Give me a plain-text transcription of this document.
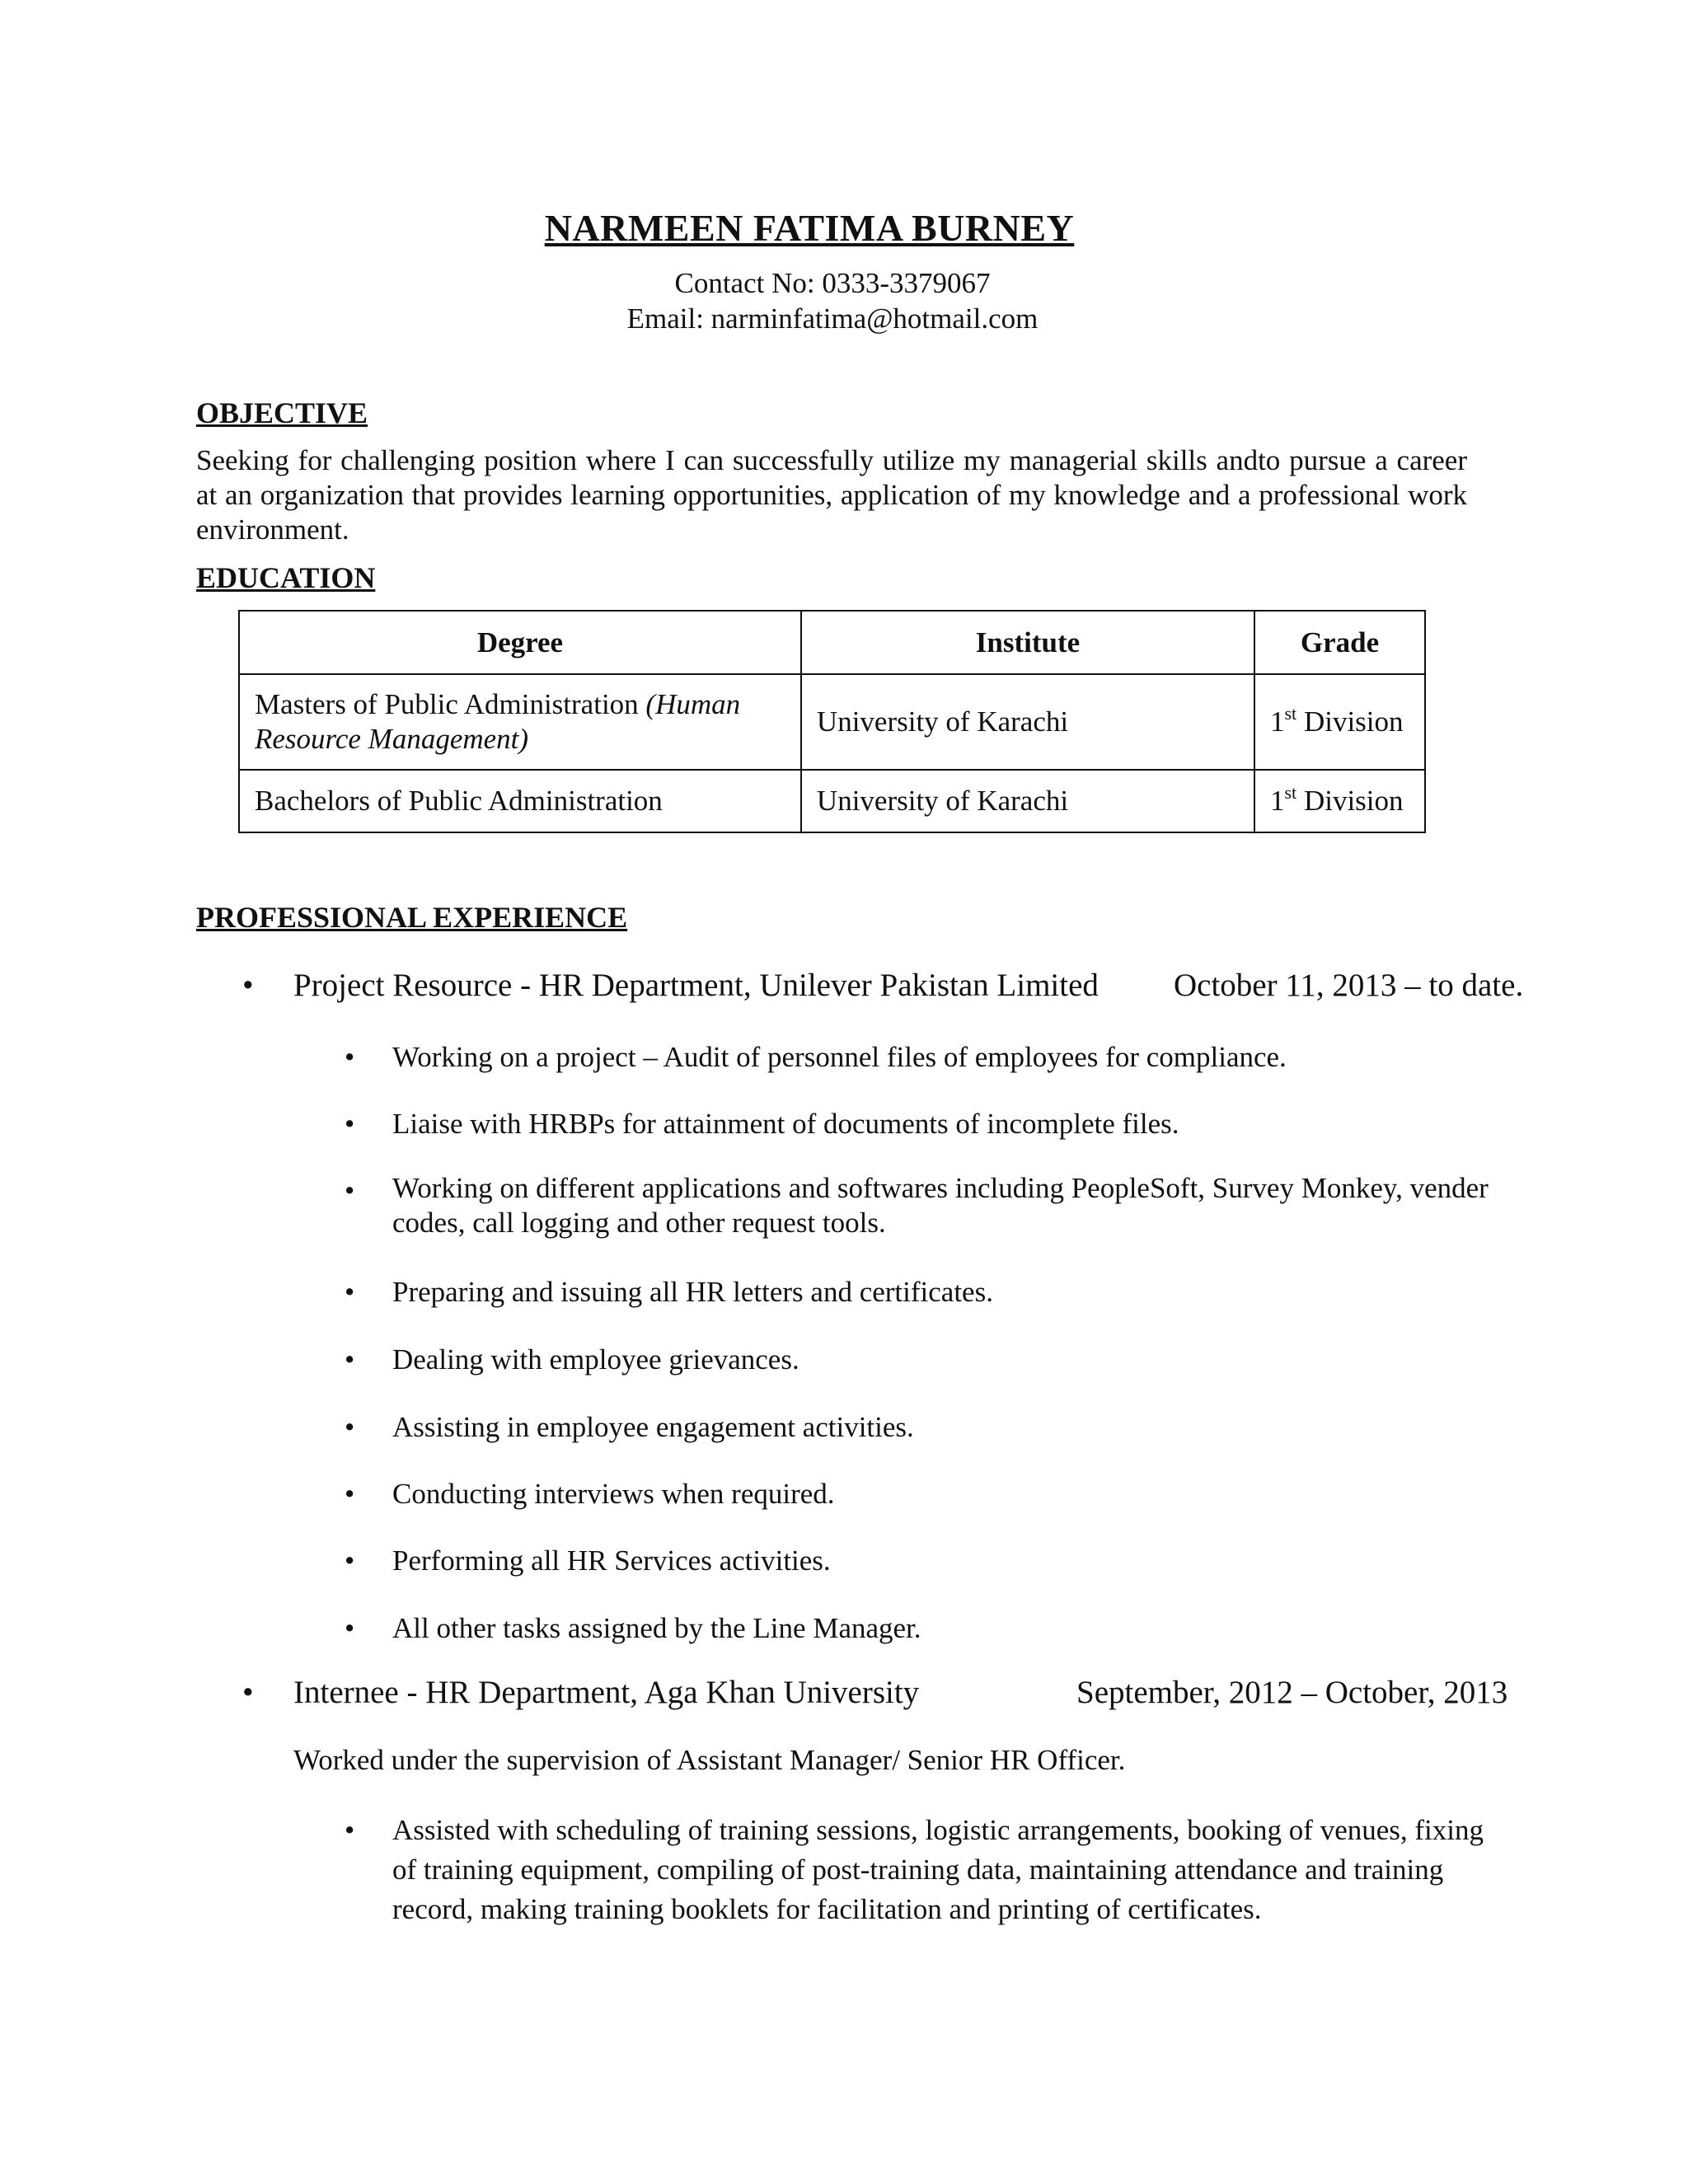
NARMEEN FATIMA BURNEY
Contact No: 0333-3379067
Email: narminfatima@hotmail.com
OBJECTIVE
Seeking for challenging position where I can successfully utilize my managerial skills andto pursue a career at an organization that provides learning opportunities, application of my knowledge and a professional work environment.
EDUCATION
Degree	Institute	Grade
Masters of Public Administration (Human Resource Management)	University of Karachi	1st Division
Bachelors of Public Administration	University of Karachi	1st Division
PROFESSIONAL EXPERIENCE
• Project Resource - HR Department, Unilever Pakistan Limited October 11, 2013 – to date.
• Working on a project – Audit of personnel files of employees for compliance.
• Liaise with HRBPs for attainment of documents of incomplete files.
• Working on different applications and softwares including PeopleSoft, Survey Monkey, vender codes, call logging and other request tools.
• Preparing and issuing all HR letters and certificates.
• Dealing with employee grievances.
• Assisting in employee engagement activities.
• Conducting interviews when required.
• Performing all HR Services activities.
• All other tasks assigned by the Line Manager.
• Internee - HR Department, Aga Khan University	September, 2012 – October, 2013
Worked under the supervision of Assistant Manager/ Senior HR Officer.
• Assisted with scheduling of training sessions, logistic arrangements, booking of venues, fixing of training equipment, compiling of post-training data, maintaining attendance and training record, making training booklets for facilitation and printing of certificates.
